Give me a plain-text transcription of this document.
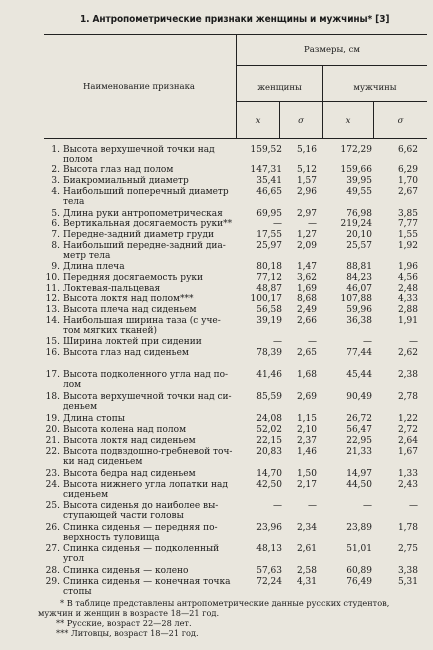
1. Антропометрические признаки женщины и мужчины* [3]
Размеры, см
Наименование признака	женщины	мужчины
x	σ	x	σ
1. Высота верхушечной точки над	159,52	5,16	172,29	6,62
полом
2. Высота глаз над полом	147,31	5,12	159,66	6,29
3. Биакромиальный диаметр	35,41	1,57	39,95	1,70
4. Наибольший поперечный диаметр	46,65	2,96	49,55	2,67
тела
5. Длина руки антропометрическая	69,95	2,97	76,98	3,85
6. Вертикальная досягаемость руки**	—	—	219,24	7,77
7. Передне-задний диаметр груди	17,55	1,27	20,10	1,55
8. Наибольший передне-задний диа-	25,97	2,09	25,57	1,92
метр тела
9. Длина плеча	80,18	1,47	88,81	1,96
10. Передняя досягаемость руки	77,12	3,62	84,23	4,56
11. Локтевая-пальцевая	48,87	1,69	46,07	2,48
12. Высота локтя над полом***	100,17	8,68	107,88	4,33
13. Высота плеча над сиденьем	56,58	2,49	59,96	2,88
14. Наибольшая ширина таза (с уче-	39,19	2,66	36,38	1,91
том мягких тканей)
15. Ширина локтей при сидении	—	—	—	—
16. Высота глаз над сиденьем	78,39	2,65	77,44	2,62
17. Высота подколенного угла над по-	41,46	1,68	45,44	2,38
лом
18. Высота верхушечной точки над си-	85,59	2,69	90,49	2,78
деньем
19. Длина стопы	24,08	1,15	26,72	1,22
20. Высота колена над полом	52,02	2,10	56,47	2,72
21. Высота локтя над сиденьем	22,15	2,37	22,95	2,64
22. Высота подвздошно-гребневой точ-	20,83	1,46	21,33	1,67
ки над сиденьем
23. Высота бедра над сиденьем	14,70	1,50	14,97	1,33
24. Высота нижнего угла лопатки над	42,50	2,17	44,50	2,43
сиденьем
25. Высота сиденья до наиболее вы-	—	—	—	—
ступающей части головы
26. Спинка сиденья — передняя по-	23,96	2,34	23,89	1,78
верхность туловища
27. Спинка сиденья — подколенный	48,13	2,61	51,01	2,75
угол
28. Спинка сиденья — колено	57,63	2,58	60,89	3,38
29. Спинка сиденья — конечная точка	72,24	4,31	76,49	5,31
стопы
* В таблице представлены антропометрические данные русских студентов,
мужчин и женщин в возрасте 18—21 год.
** Русские, возраст 22—28 лет.
*** Литовцы, возраст 18—21 год.
